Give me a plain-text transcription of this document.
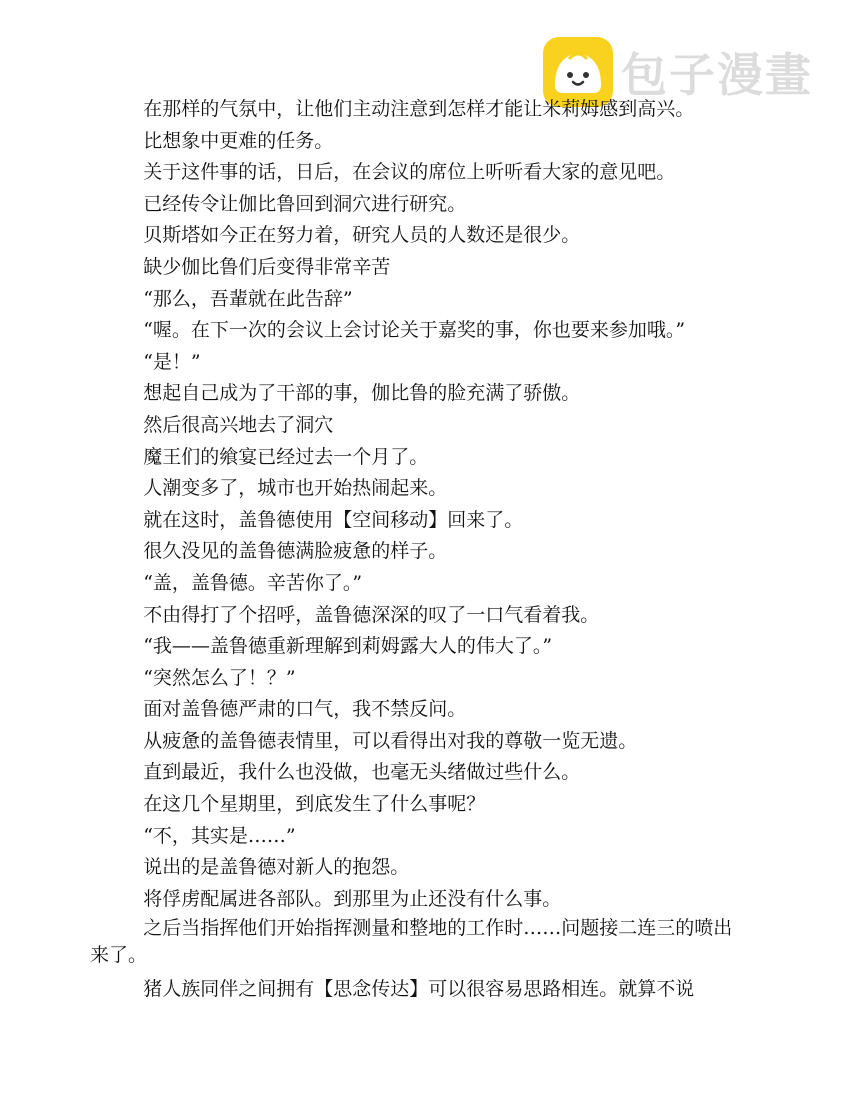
包子漫畫

在那样的气氛中，让他们主动注意到怎样才能让米莉姆感到高兴。

比想象中更难的任务。

关于这件事的话，日后，在会议的席位上听听看大家的意见吧。

已经传令让伽比鲁回到洞穴进行研究。

贝斯塔如今正在努力着，研究人员的人数还是很少。

缺少伽比鲁们后变得非常辛苦

“那么，吾輩就在此告辞”

“喔。在下一次的会议上会讨论关于嘉奖的事，你也要来参加哦。”

“是！”

想起自己成为了干部的事，伽比鲁的脸充满了骄傲。

然后很高兴地去了洞穴

魔王们的飨宴已经过去一个月了。

人潮变多了，城市也开始热闹起来。

就在这时，盖鲁德使用【空间移动】回来了。

很久没见的盖鲁德满脸疲惫的样子。

“盖，盖鲁德。辛苦你了。”

不由得打了个招呼，盖鲁德深深的叹了一口气看着我。

“我——盖鲁德重新理解到莉姆露大人的伟大了。”

“突然怎么了！？”

面对盖鲁德严肃的口气，我不禁反问。

从疲惫的盖鲁德表情里，可以看得出对我的尊敬一览无遗。

直到最近，我什么也没做，也毫无头绪做过些什么。

在这几个星期里，到底发生了什么事呢？

“不，其实是……”

说出的是盖鲁德对新人的抱怨。

将俘虏配属进各部队。到那里为止还没有什么事。

之后当指挥他们开始指挥测量和整地的工作时……问题接二连三的喷出来了。

猪人族同伴之间拥有【思念传达】可以很容易思路相连。就算不说
